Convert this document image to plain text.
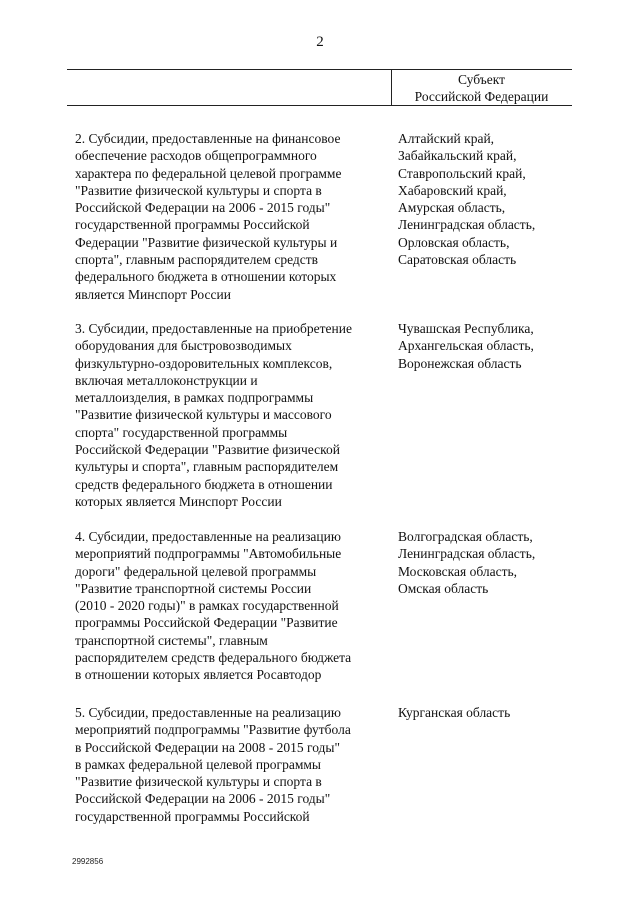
2
Субъект
Российской Федерации
2. Субсидии, предоставленные на финансовое
обеспечение расходов общепрограммного
характера по федеральной целевой программе
"Развитие физической культуры и спорта в
Российской Федерации на 2006 - 2015 годы"
государственной программы Российской
Федерации "Развитие физической культуры и
спорта", главным распорядителем средств
федерального бюджета в отношении которых
является Минспорт России
Алтайский край,
Забайкальский край,
Ставропольский край,
Хабаровский край,
Амурская область,
Ленинградская область,
Орловская область,
Саратовская область
3. Субсидии, предоставленные на приобретение
оборудования для быстровозводимых
физкультурно-оздоровительных комплексов,
включая металлоконструкции и
металлоизделия, в рамках подпрограммы
"Развитие физической культуры и массового
спорта" государственной программы
Российской Федерации "Развитие физической
культуры и спорта", главным распорядителем
средств федерального бюджета в отношении
которых является Минспорт России
Чувашская Республика,
Архангельская область,
Воронежская область
4. Субсидии, предоставленные на реализацию
мероприятий подпрограммы "Автомобильные
дороги" федеральной целевой программы
"Развитие транспортной системы России
(2010 - 2020 годы)" в рамках государственной
программы Российской Федерации "Развитие
транспортной системы", главным
распорядителем средств федерального бюджета
в отношении которых является Росавтодор
Волгоградская область,
Ленинградская область,
Московская область,
Омская область
5. Субсидии, предоставленные на реализацию
мероприятий подпрограммы "Развитие футбола
в Российской Федерации на 2008 - 2015 годы"
в рамках федеральной целевой программы
"Развитие физической культуры и спорта в
Российской Федерации на 2006 - 2015 годы"
государственной программы Российской
Курганская область
2992856
